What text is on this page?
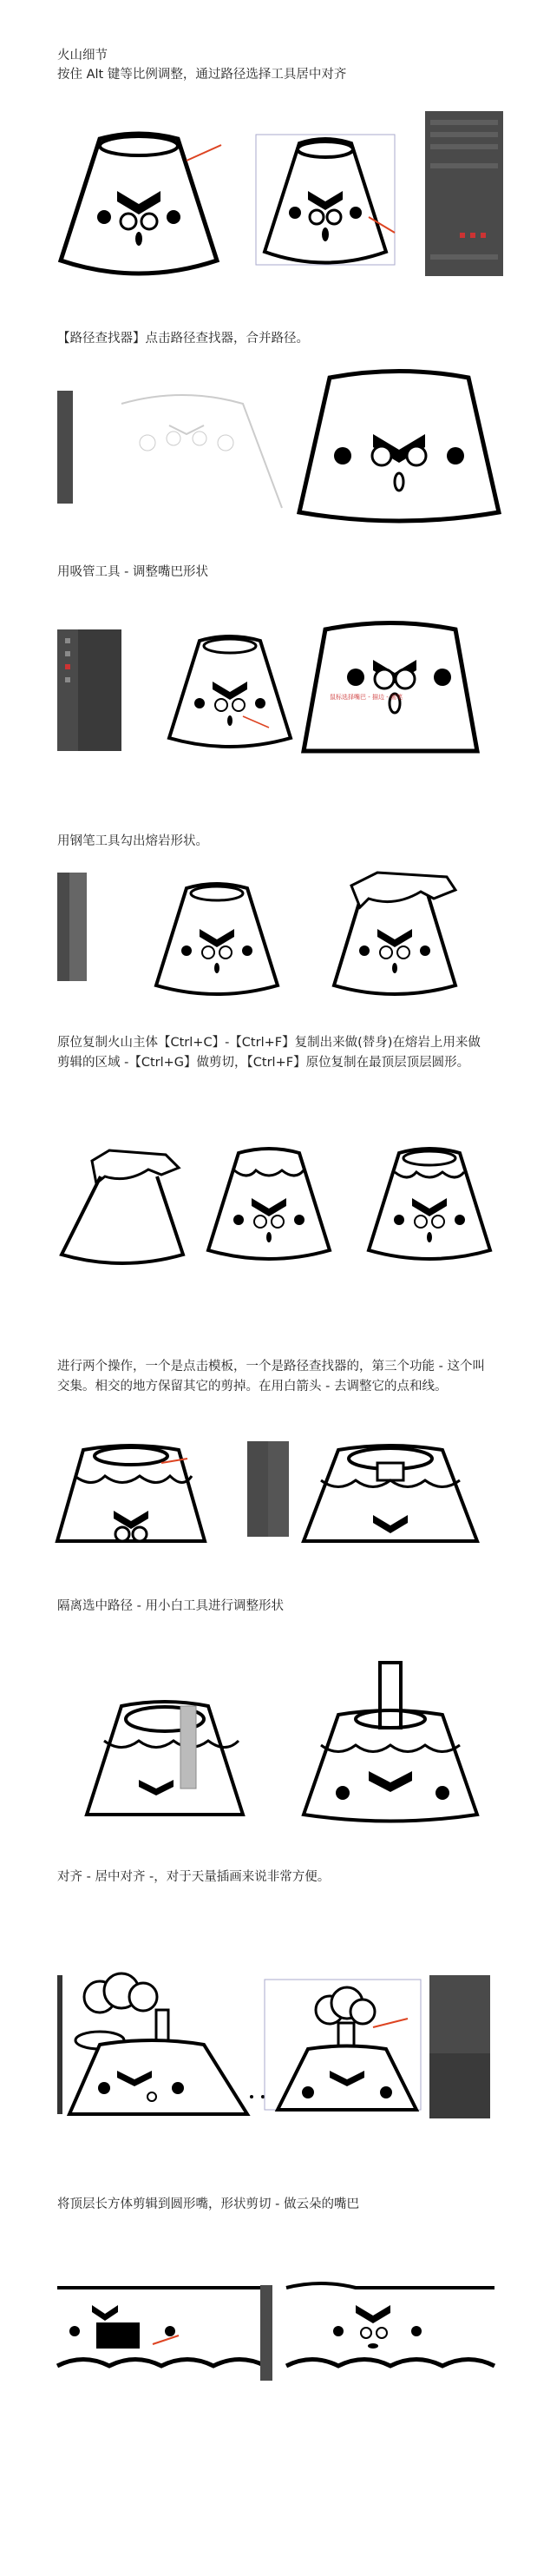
火山细节
按住 Alt 键等比例调整，通过路径选择工具居中对齐
【路径查找器】点击路径查找器，合并路径。
用吸管工具 - 调整嘴巴形状
鼠标选择嘴巴 - 描边 - 画笔
用钢笔工具勾出熔岩形状。
原位复制火山主体【Ctrl+C】-【Ctrl+F】复制出来做(替身)在熔岩上用来做剪辑的区域 -【Ctrl+G】做剪切，【Ctrl+F】原位复制在最顶层顶层圆形。
进行两个操作，一个是点击模板，一个是路径查找器的，第三个功能 - 这个叫交集。相交的地方保留其它的剪掉。在用白箭头 - 去调整它的点和线。
隔离选中路径 - 用小白工具进行调整形状
对齐 - 居中对齐 -，对于天量插画来说非常方便。
将顶层长方体剪辑到圆形嘴，形状剪切 - 做云朵的嘴巴
